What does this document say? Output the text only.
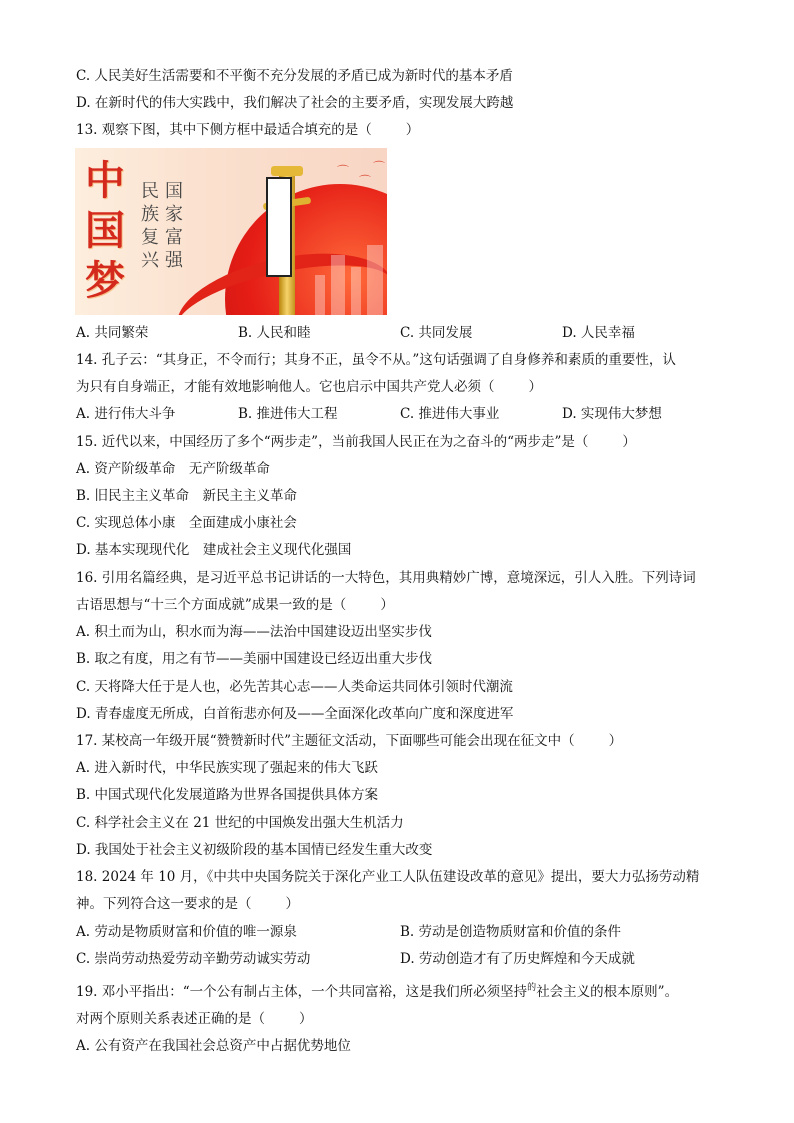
C. 人民美好生活需要和不平衡不充分发展的矛盾已成为新时代的基本矛盾
D. 在新时代的伟大实践中，我们解决了社会的主要矛盾，实现发展大跨越
13. 观察下图，其中下侧方框中最适合填充的是（	）
⌒
⌒
⌒
中
国
梦
民
族
复
兴
国
家
富
强
A. 共同繁荣	B. 人民和睦	C. 共同发展	D. 人民幸福
14. 孔子云：“其身正，不令而行；其身不正，虽令不从。”这句话强调了自身修养和素质的重要性，认
为只有自身端正，才能有效地影响他人。它也启示中国共产党人必须（	）
A. 进行伟大斗争	B. 推进伟大工程	C. 推进伟大事业	D. 实现伟大梦想
15. 近代以来，中国经历了多个“两步走”，当前我国人民正在为之奋斗的“两步走”是（	）
A. 资产阶级革命　无产阶级革命
B. 旧民主主义革命　新民主主义革命
C. 实现总体小康　全面建成小康社会
D. 基本实现现代化　建成社会主义现代化强国
16. 引用名篇经典，是习近平总书记讲话的一大特色，其用典精妙广博，意境深远，引人入胜。下列诗词
古语思想与“十三个方面成就”成果一致的是（	）
A. 积土而为山，积水而为海——法治中国建设迈出坚实步伐
B. 取之有度，用之有节——美丽中国建设已经迈出重大步伐
C. 天将降大任于是人也，必先苦其心志——人类命运共同体引领时代潮流
D. 青春虚度无所成，白首衔悲亦何及——全面深化改革向广度和深度进军
17. 某校高一年级开展“赞赞新时代”主题征文活动，下面哪些可能会出现在征文中（	）
A. 进入新时代，中华民族实现了强起来的伟大飞跃
B. 中国式现代化发展道路为世界各国提供具体方案
C. 科学社会主义在 21 世纪的中国焕发出强大生机活力
D. 我国处于社会主义初级阶段的基本国情已经发生重大改变
18. 2024 年 10 月，《中共中央国务院关于深化产业工人队伍建设改革的意见》提出，要大力弘扬劳动精
神。下列符合这一要求的是（	）
A. 劳动是物质财富和价值的唯一源泉	B. 劳动是创造物质财富和价值的条件
C. 崇尚劳动热爱劳动辛勤劳动诚实劳动	D. 劳动创造才有了历史辉煌和今天成就
19. 邓小平指出：“一个公有制占主体，一个共同富裕，这是我们所必须坚持$^的$社会主义的根本原则”。
对两个原则关系表述正确的是（	）
A. 公有资产在我国社会总资产中占据优势地位
